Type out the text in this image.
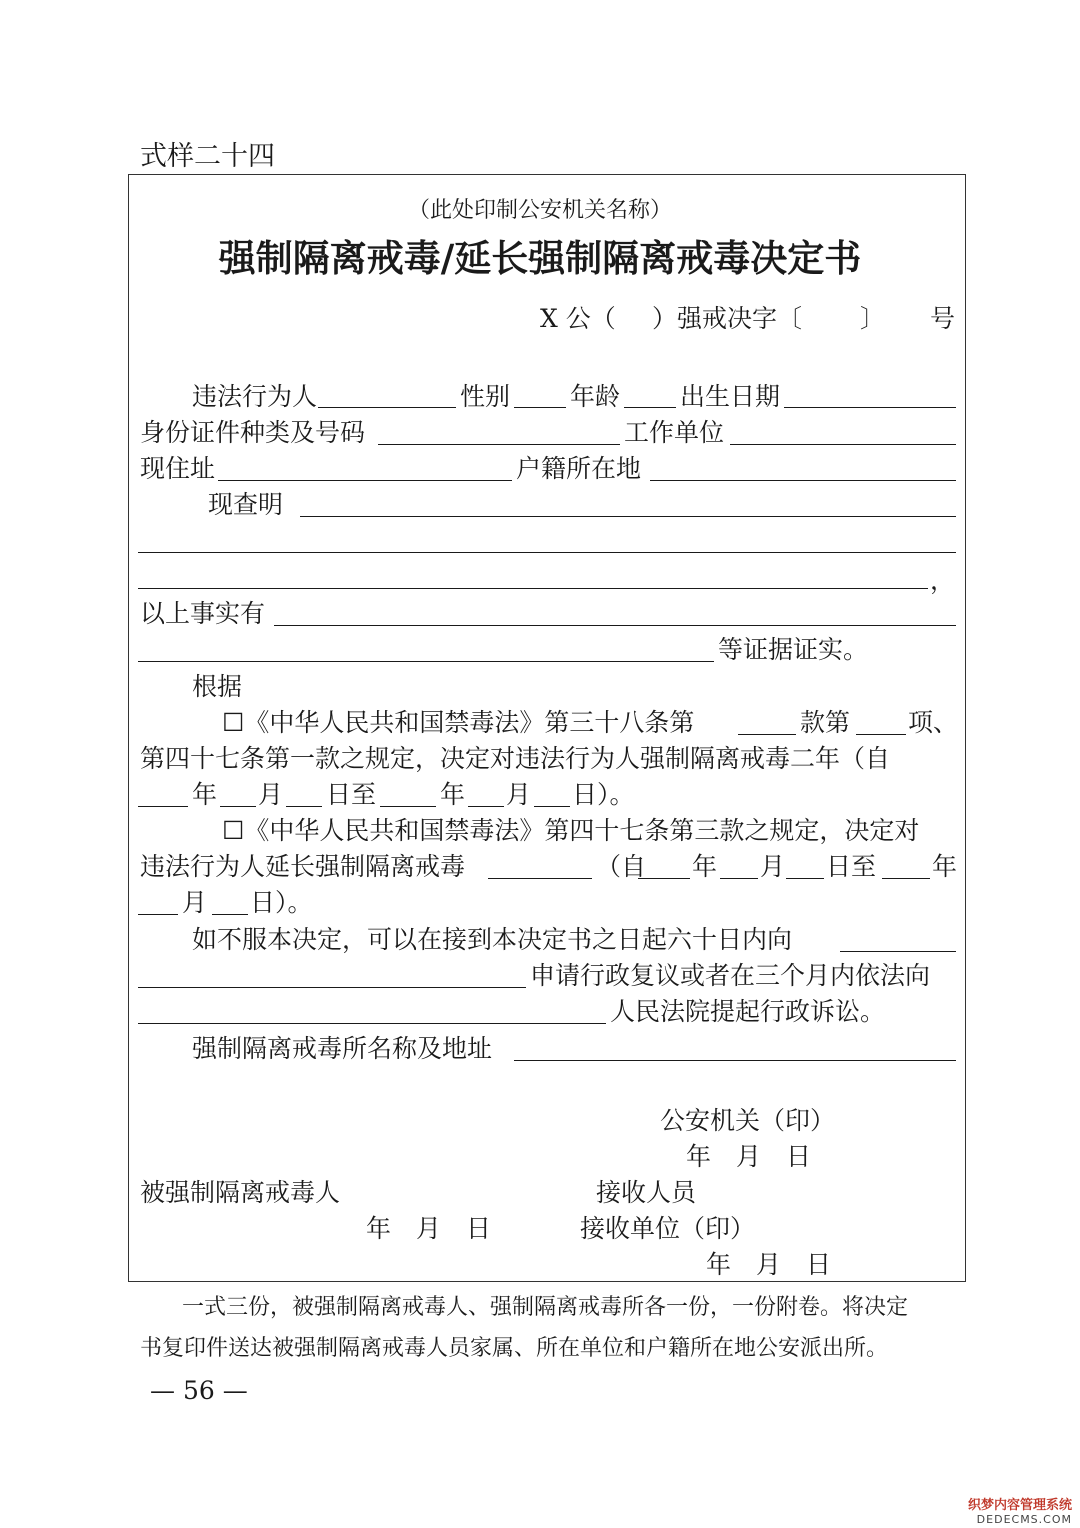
式样二十四
（此处印制公安机关名称）
强制隔离戒毒/延长强制隔离戒毒决定书
X 公（ ）强戒决字〔 〕 号
违法行为人	性别 年龄 出生日期
身份证件种类及号码	工作单位
现住址	户籍所在地
现查明
，
以上事实有
等证据证实。
根据
☐《中华人民共和国禁毒法》第三十八条第	款第 项、
第四十七条第一款之规定，决定对违法行为人强制隔离戒毒二年（自
年 月 日至	年 月 日）。
☐《中华人民共和国禁毒法》第四十七条第三款之规定，决定对
违法行为人延长强制隔离戒毒	（自 年 月 日至 年
月 日）。
如不服本决定，可以在接到本决定书之日起六十日内向
申请行政复议或者在三个月内依法向
人民法院提起行政诉讼。
强制隔离戒毒所名称及地址
公安机关（印）
年　月　日
被强制隔离戒毒人	接收人员
年　月　日	接收单位（印）
年　月　日
一式三份，被强制隔离戒毒人、强制隔离戒毒所各一份，一份附卷。将决定
书复印件送达被强制隔离戒毒人员家属、所在单位和户籍所在地公安派出所。
— 56 —
织梦内容管理系统
DEDECMS.COM
